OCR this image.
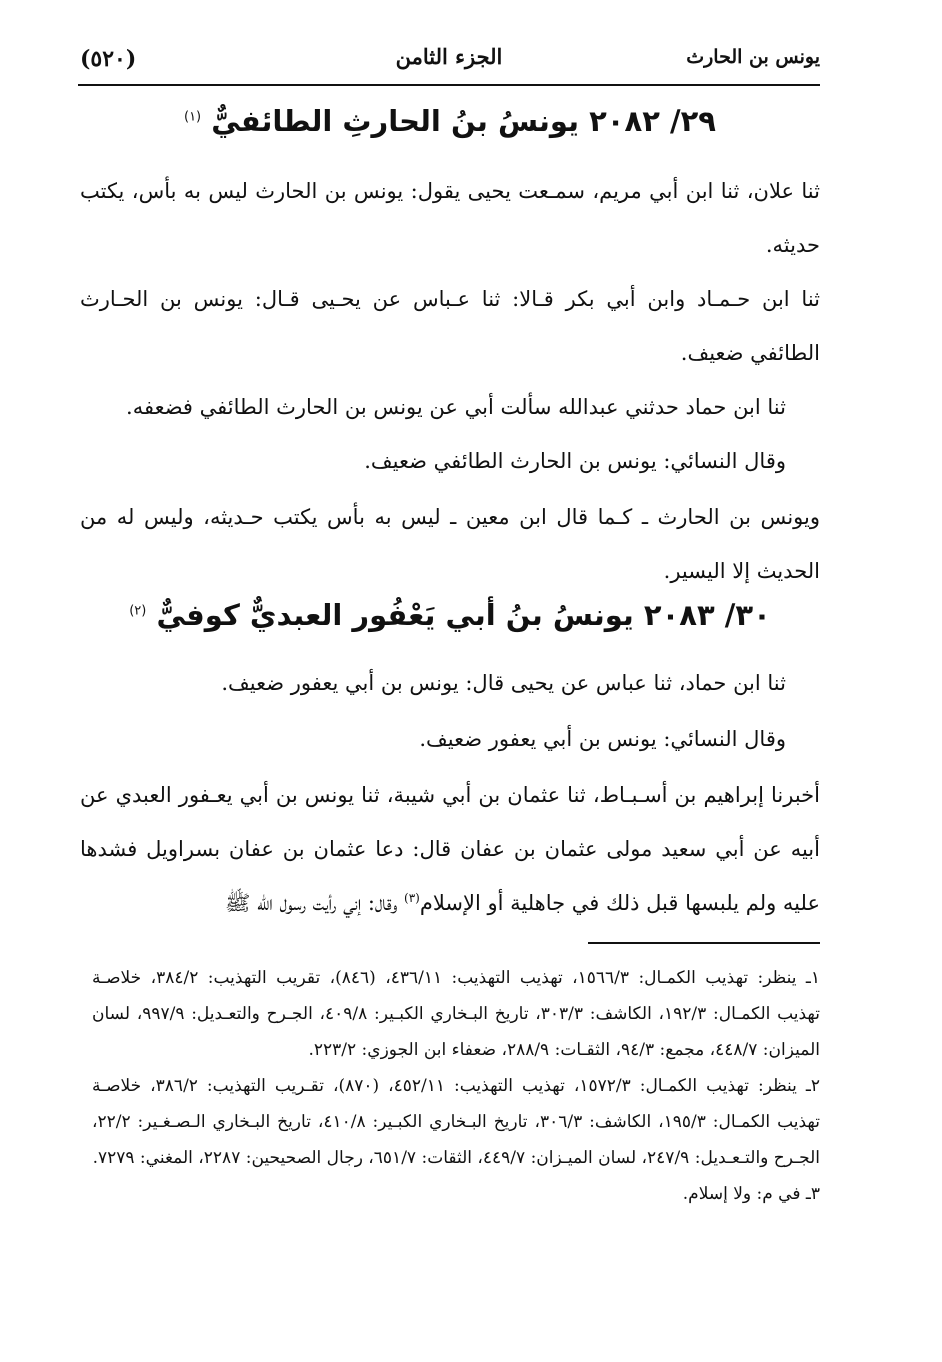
يونس بن الحارث
الجزء الثامن
(٥٢٠)
٢٩/ ٢٠٨٢ يونسُ بنُ الحارثِ الطائفيٌّ $^{(١)}$
ثنا علان، ثنا ابن أبي مريم، سمـعت يحيى يقول: يونس بن الحارث ليس به بأس، يكتب حديثه.
ثنا ابن حـمـاد وابن أبي بكر قـالا: ثنا عـباس عن يحـيى قـال: يونس بن الحـارث الطائفي ضعيف.
ثنا ابن حماد حدثني عبدالله سألت أبي عن يونس بن الحارث الطائفي فضعفه.
وقال النسائي: يونس بن الحارث الطائفي ضعيف.
ويونس بن الحارث ـ كـما قال ابن معين ـ ليس به بأس يكتب حـديثه، وليس له من الحديث إلا اليسير.
٣٠/ ٢٠٨٣ يونسُ بنُ أبي يَعْفُور العبديٌّ كوفيٌّ $^{(٢)}$
ثنا ابن حماد، ثنا عباس عن يحيى قال: يونس بن أبي يعفور ضعيف.
وقال النسائي: يونس بن أبي يعفور ضعيف.
أخبرنا إبراهيم بن أسـبـاط، ثنا عثمان بن أبي شيبة، ثنا يونس بن أبي يعـفور العبدي عن أبيه عن أبي سعيد مولى عثمان بن عفان قال: دعا عثمان بن عفان بسراويل فشدها عليه ولم يلبسها قبل ذلك في جاهلية أو الإسلام$^{(٣)}$ وقال: إني رأيت رسول الله ﷺ

١ـ ينظر: تهذيب الكمـال: ١٥٦٦/٣، تهذيب التهذيب: ٤٣٦/١١، (٨٤٦)، تقريب التهذيب: ٣٨٤/٢، خلاصـة تهذيب الكمـال: ١٩٢/٣، الكاشف: ٣٠٣/٣، تاريخ البـخاري الكبـير: ٤٠٩/٨، الجـرح والتعـديل: ٩٩٧/٩، لسان الميزان: ٤٤٨/٧، مجمع: ٩٤/٣، الثقـات: ٢٨٨/٩، ضعفاء ابن الجوزي: ٢٢٣/٢.

٢ـ ينظر: تهذيب الكمـال: ١٥٧٢/٣، تهذيب التهذيب: ٤٥٢/١١، (٨٧٠)، تقـريب التهذيب: ٣٨٦/٢، خلاصـة تهذيب الكمـال: ١٩٥/٣، الكاشف: ٣٠٦/٣، تاريخ البـخاري الكبـير: ٤١٠/٨، تاريخ البـخاري الـصـغـير: ٢٢/٢، الجـرح والتـعـديل: ٢٤٧/٩، لسان الميـزان: ٤٤٩/٧، الثقات: ٦٥١/٧، رجال الصحيحين: ٢٢٨٧، المغني: ٧٢٧٩.

٣ـ في م: ولا إسلام.
